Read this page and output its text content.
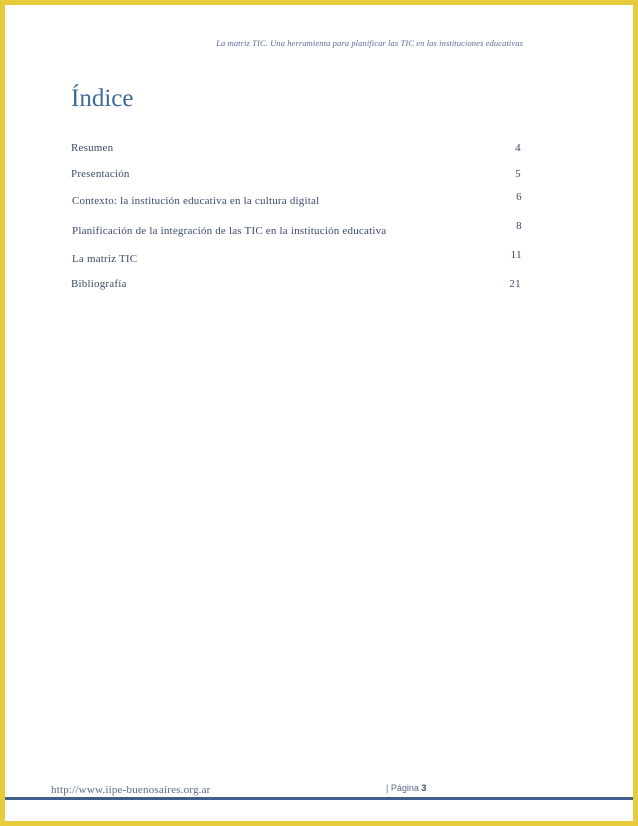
La matriz TIC. Una herramienta para planificar las TIC en las instituciones educativas
Índice
Resumen	4
Presentación	5
Contexto: la institución educativa en la cultura digital	6
Planificación de la integración de las TIC en la institución educativa	8
La matriz TIC	11
Bibliografía	21
http://www.iipe-buenosaires.org.ar	| Página 3
